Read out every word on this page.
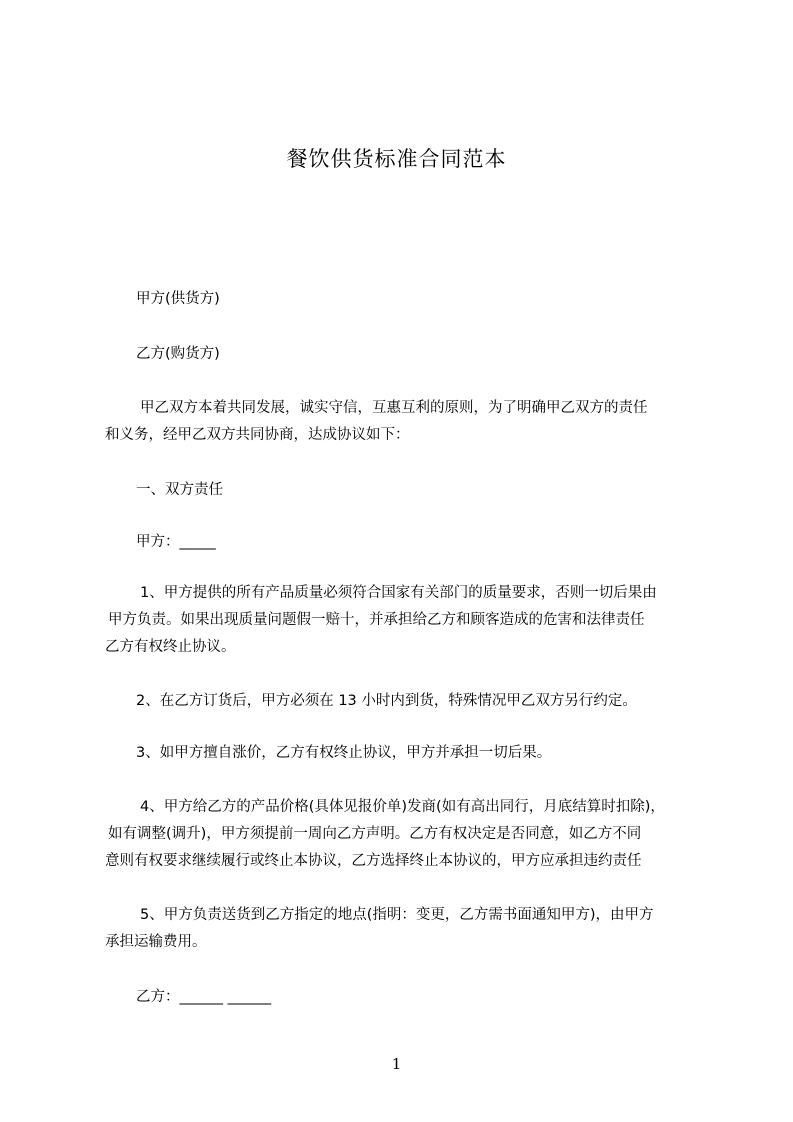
餐饮供货标准合同范本
甲方(供货方)
乙方(购货方)
甲乙双方本着共同发展，诚实守信，互惠互利的原则，为了明确甲乙双方的责任
和义务，经甲乙双方共同协商，达成协议如下：
一、双方责任
甲方：_____
1、甲方提供的所有产品质量必须符合国家有关部门的质量要求，否则一切后果由
甲方负责。如果出现质量问题假一赔十，并承担给乙方和顾客造成的危害和法律责任
乙方有权终止协议。
2、在乙方订货后，甲方必须在 13 小时内到货，特殊情况甲乙双方另行约定。
3、如甲方擅自涨价，乙方有权终止协议，甲方并承担一切后果。
4、甲方给乙方的产品价格(具体见报价单)发商(如有高出同行，月底结算时扣除)，
如有调整(调升)，甲方须提前一周向乙方声明。乙方有权决定是否同意，如乙方不同
意则有权要求继续履行或终止本协议，乙方选择终止本协议的，甲方应承担违约责任
5、甲方负责送货到乙方指定的地点(指明：变更，乙方需书面通知甲方)，由甲方
承担运输费用。
乙方：______ ______
1
